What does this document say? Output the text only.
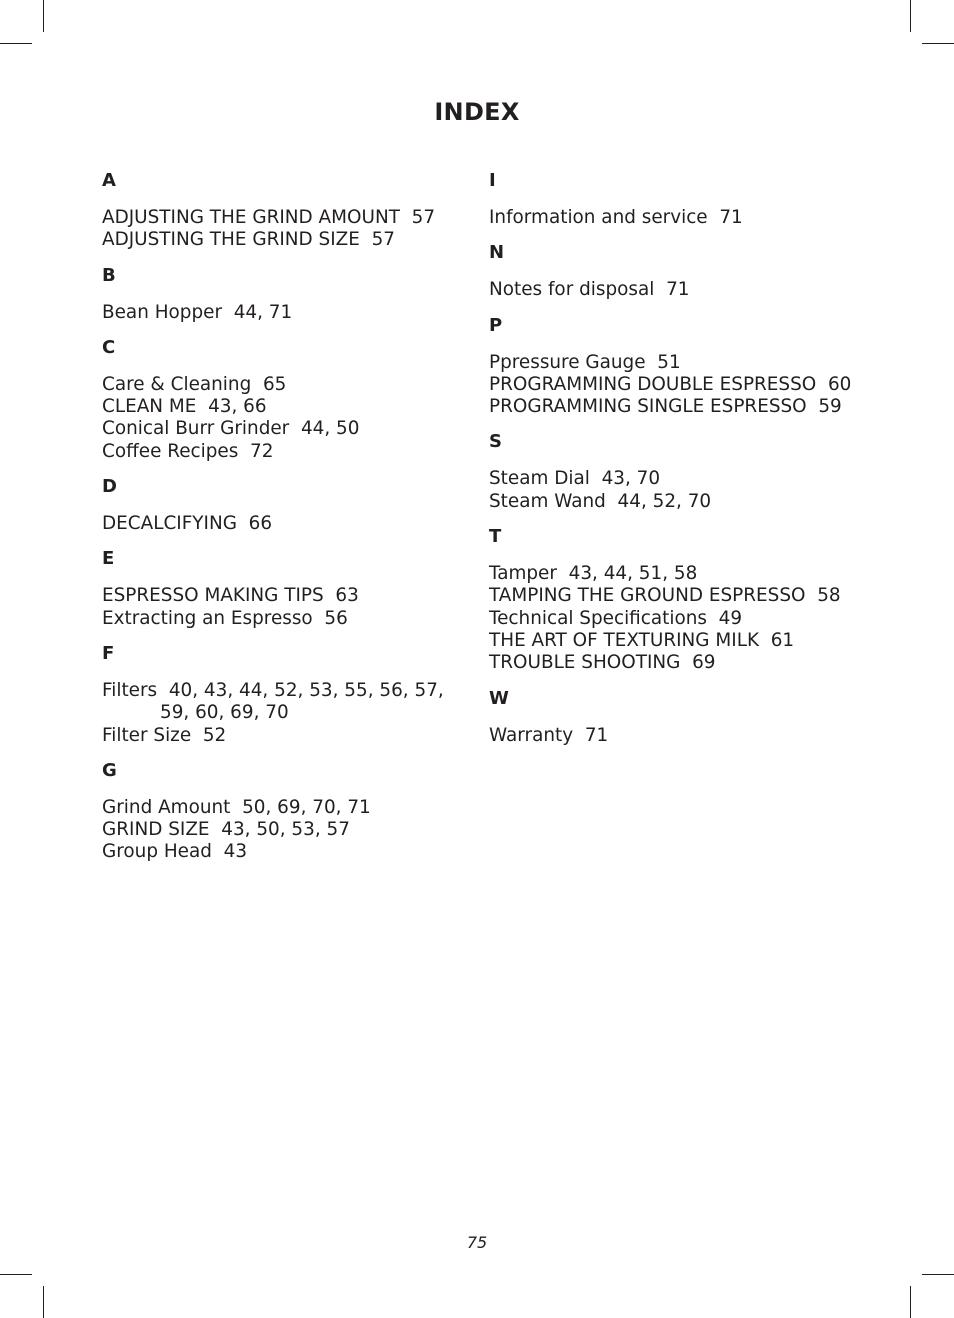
INDEX
A
ADJUSTING THE GRIND AMOUNT 57
ADJUSTING THE GRIND SIZE 57
B
Bean Hopper 44, 71
C
Care & Cleaning 65
CLEAN ME 43, 66
Conical Burr Grinder 44, 50
Coffee Recipes 72
D
DECALCIFYING 66
E
ESPRESSO MAKING TIPS 63
Extracting an Espresso 56
F
Filters 40, 43, 44, 52, 53, 55, 56, 57,
59, 60, 69, 70
Filter Size 52
G
Grind Amount 50, 69, 70, 71
GRIND SIZE 43, 50, 53, 57
Group Head 43
I
Information and service 71
N
Notes for disposal 71
P
Ppressure Gauge 51
PROGRAMMING DOUBLE ESPRESSO 60
PROGRAMMING SINGLE ESPRESSO 59
S
Steam Dial 43, 70
Steam Wand 44, 52, 70
T
Tamper 43, 44, 51, 58
TAMPING THE GROUND ESPRESSO 58
Technical Specifications 49
THE ART OF TEXTURING MILK 61
TROUBLE SHOOTING 69
W
Warranty 71
75
